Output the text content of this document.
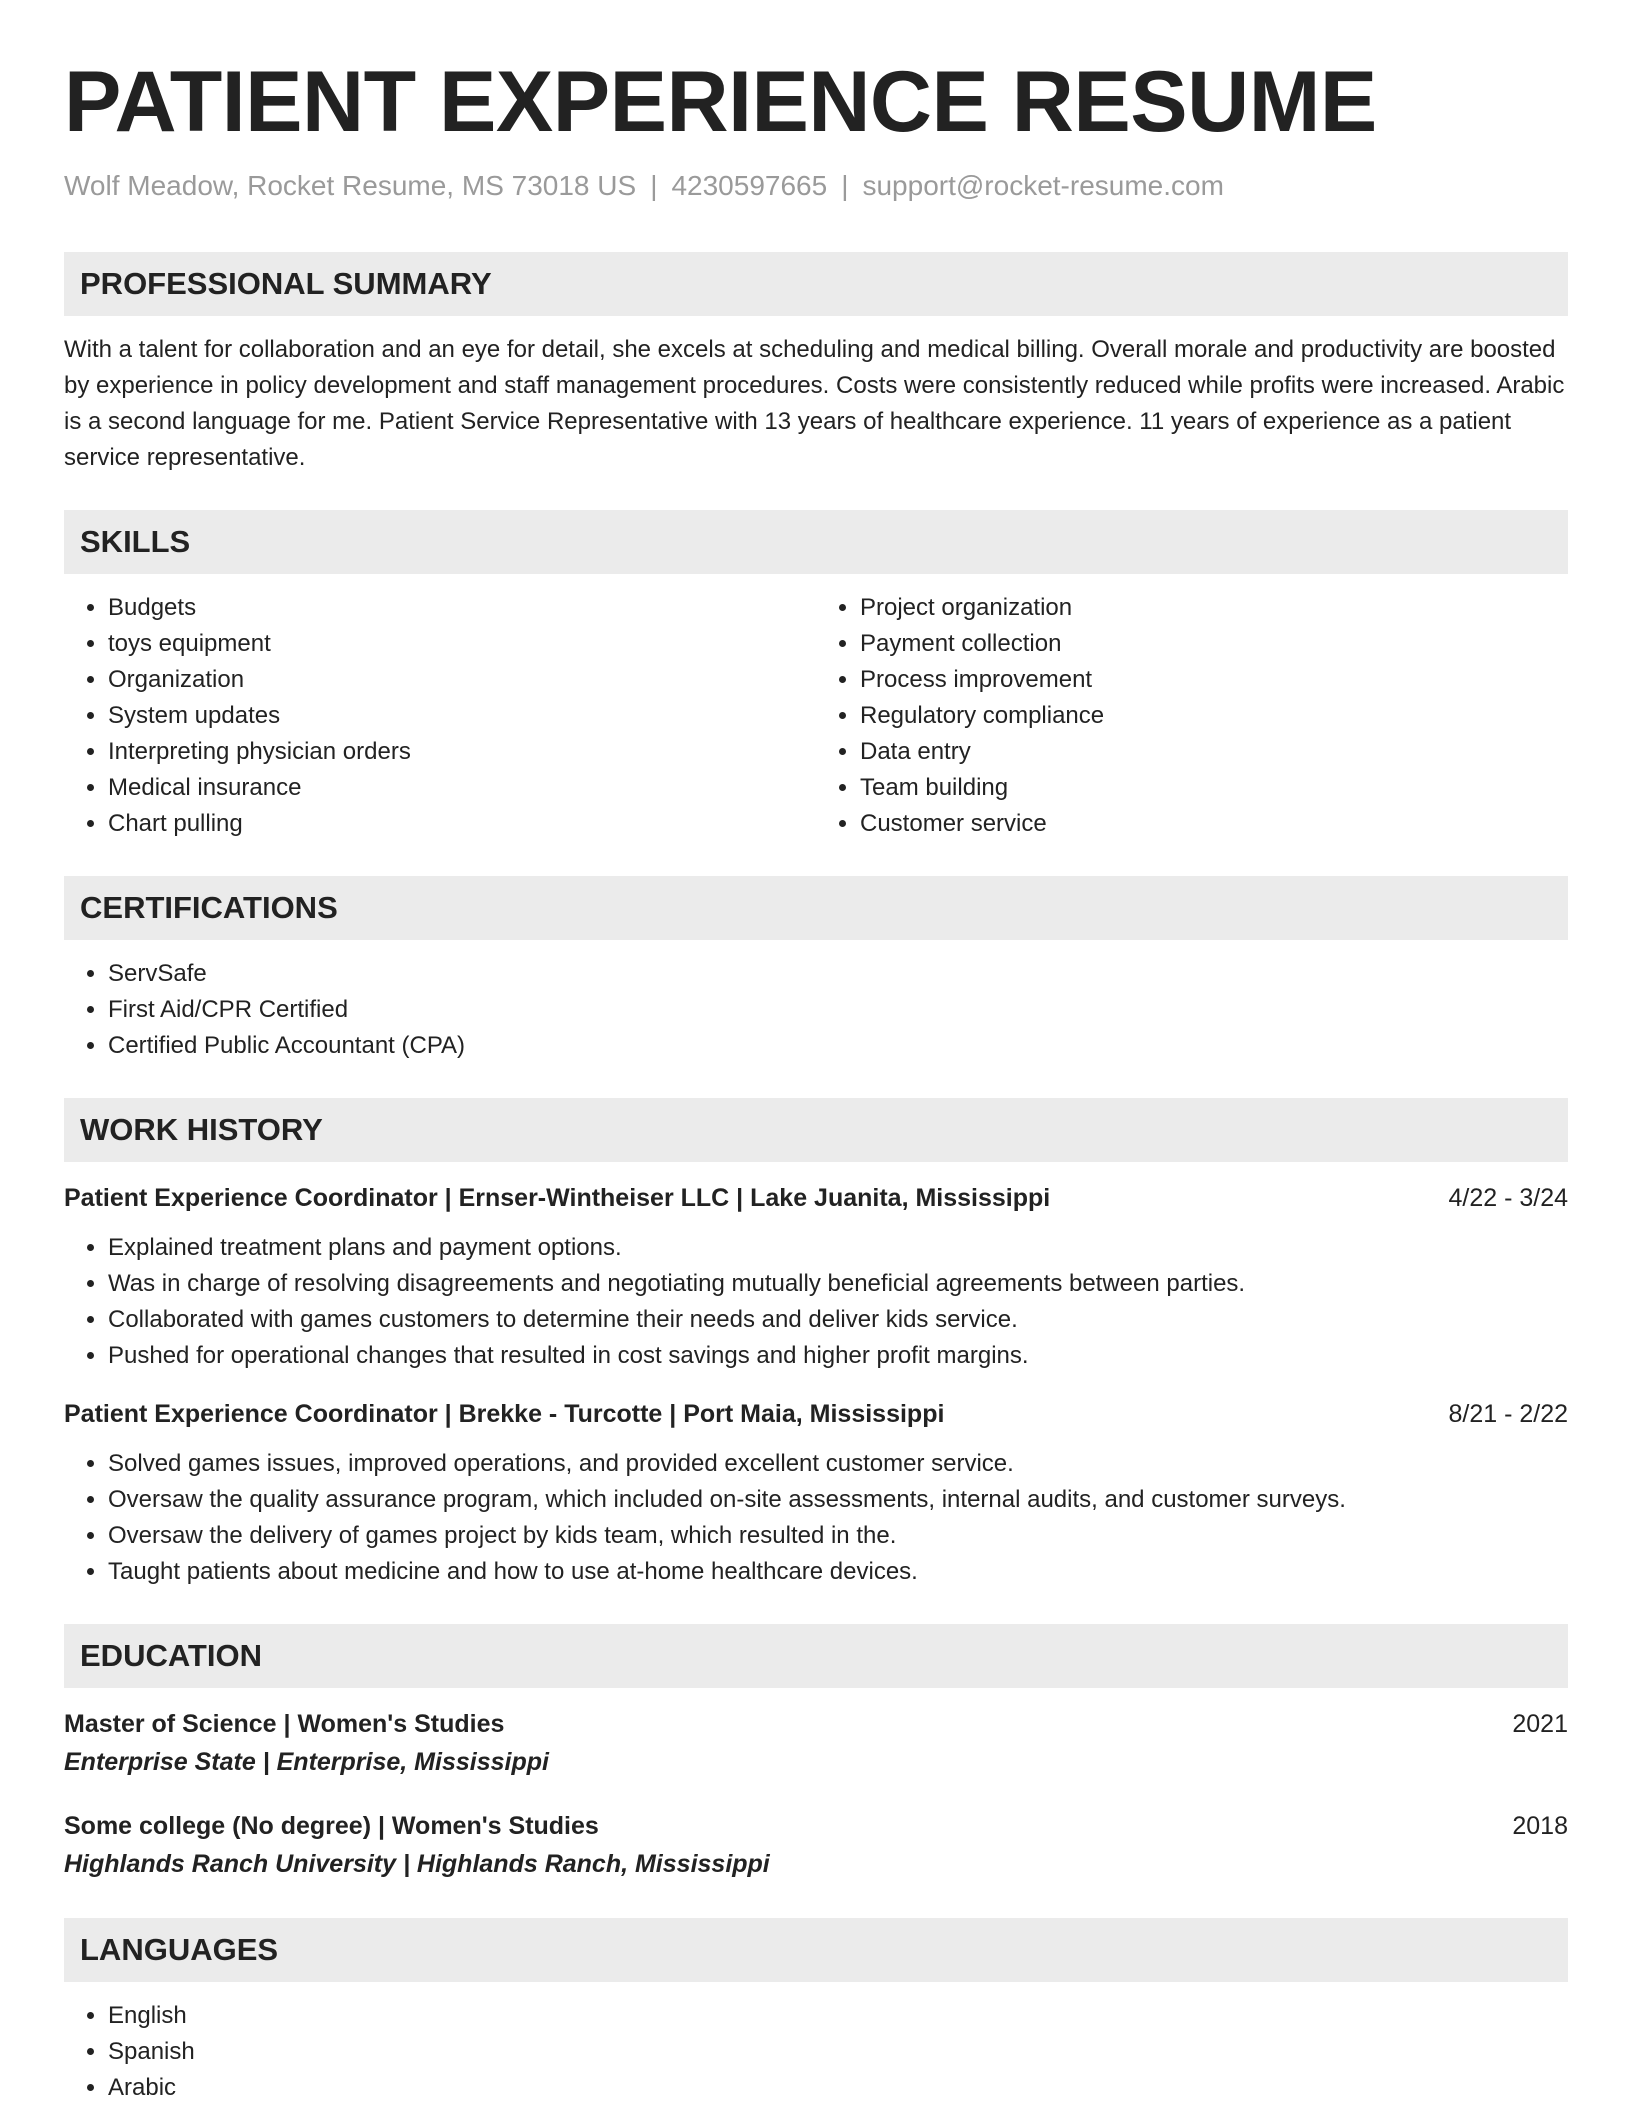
PATIENT EXPERIENCE RESUME
Wolf Meadow, Rocket Resume, MS 73018 US | 4230597665 | support@rocket-resume.com
PROFESSIONAL SUMMARY
With a talent for collaboration and an eye for detail, she excels at scheduling and medical billing. Overall morale and productivity are boosted by experience in policy development and staff management procedures. Costs were consistently reduced while profits were increased. Arabic is a second language for me. Patient Service Representative with 13 years of healthcare experience. 11 years of experience as a patient service representative.
SKILLS
• Budgets
• toys equipment
• Organization
• System updates
• Interpreting physician orders
• Medical insurance
• Chart pulling
• Project organization
• Payment collection
• Process improvement
• Regulatory compliance
• Data entry
• Team building
• Customer service
CERTIFICATIONS
• ServSafe
• First Aid/CPR Certified
• Certified Public Accountant (CPA)
WORK HISTORY
Patient Experience Coordinator | Ernser-Wintheiser LLC | Lake Juanita, Mississippi	4/22 - 3/24
• Explained treatment plans and payment options.
• Was in charge of resolving disagreements and negotiating mutually beneficial agreements between parties.
• Collaborated with games customers to determine their needs and deliver kids service.
• Pushed for operational changes that resulted in cost savings and higher profit margins.
Patient Experience Coordinator | Brekke - Turcotte | Port Maia, Mississippi	8/21 - 2/22
• Solved games issues, improved operations, and provided excellent customer service.
• Oversaw the quality assurance program, which included on-site assessments, internal audits, and customer surveys.
• Oversaw the delivery of games project by kids team, which resulted in the.
• Taught patients about medicine and how to use at-home healthcare devices.
EDUCATION
Master of Science | Women's Studies	2021
Enterprise State | Enterprise, Mississippi
Some college (No degree) | Women's Studies	2018
Highlands Ranch University | Highlands Ranch, Mississippi
LANGUAGES
• English
• Spanish
• Arabic
